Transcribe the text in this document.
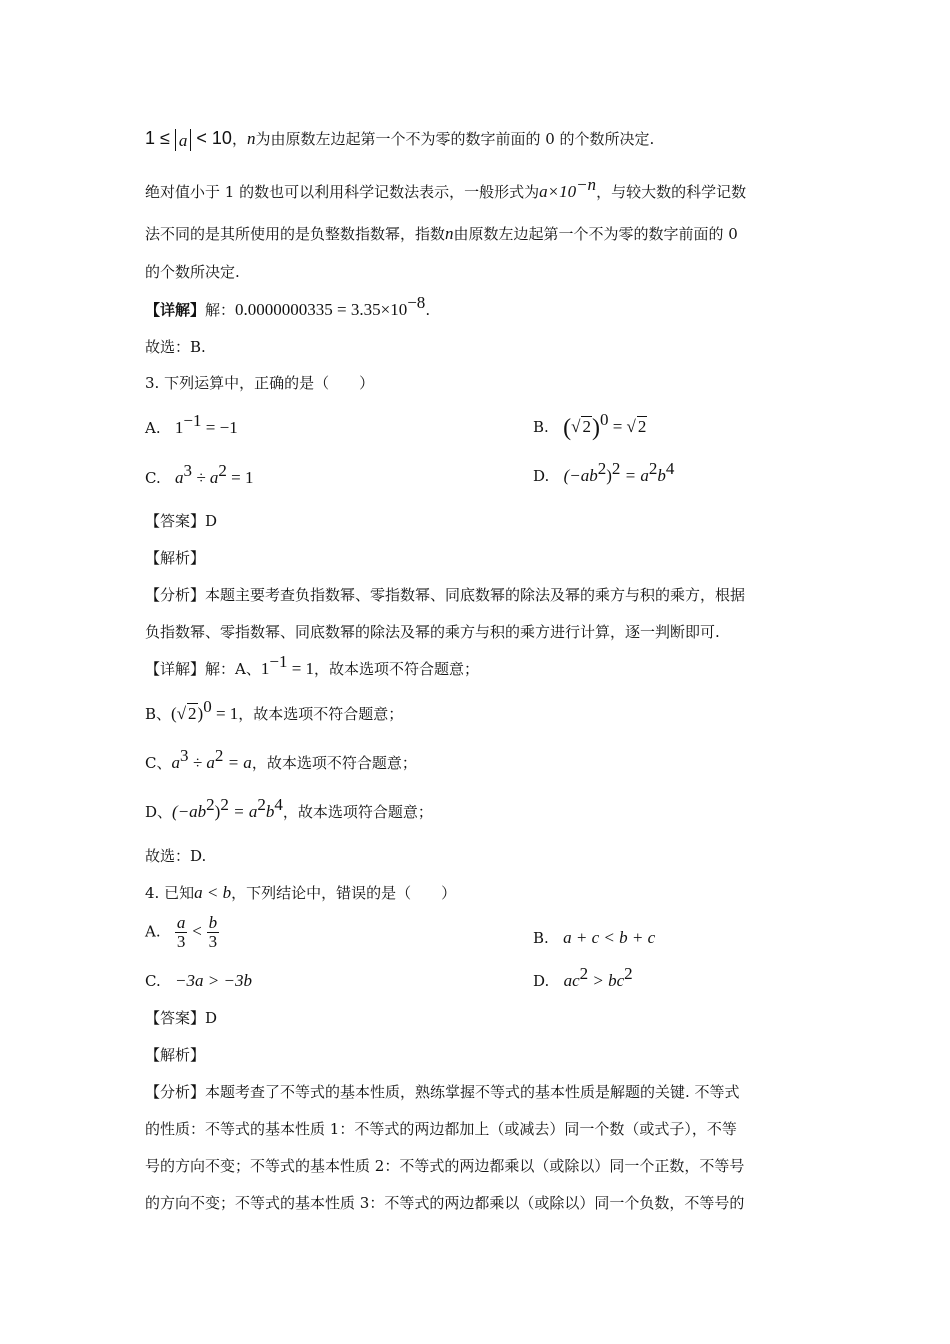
1 ≤ a < 10，n为由原数左边起第一个不为零的数字前面的 0 的个数所决定.
绝对值小于 1 的数也可以利用科学记数法表示，一般形式为$a\times 10^{-n}$，与较大数的科学记数
法不同的是其所使用的是负整数指数幂，指数n由原数左边起第一个不为零的数字前面的 0
的个数所决定.
【详解】解：$0.0000000335 = 3.35\times 10^{-8}$.
故选：B.
3. 下列运算中，正确的是（　　）
A. $1^{-1} = -1$	B. (√ 2)$^0$ = √ 2
C. $a^3 \div a^2 = 1$	D. $(-ab^2)^2 = a^2b^4$
【答案】D
【解析】
【分析】本题主要考查负指数幂、零指数幂、同底数幂的除法及幂的乘方与积的乘方，根据
负指数幂、零指数幂、同底数幂的除法及幂的乘方与积的乘方进行计算，逐一判断即可.
【详解】解：A、$1^{-1} = 1$，故本选项不符合题意；
B、(√ 2)$^0$ = 1，故本选项不符合题意；
C、$a^3 \div a^2 = a$，故本选项不符合题意；
D、$(-ab^2)^2 = a^2b^4$，故本选项符合题意；
故选：D.
4. 已知a < b，下列结论中，错误的是（　　）
A. $\frac{a}{3} < \frac{b}{3}$	B. a + c < b + c
C. −3a > −3b	D. $ac^2 > bc^2$
【答案】D
【解析】
【分析】本题考查了不等式的基本性质，熟练掌握不等式的基本性质是解题的关键. 不等式
的性质：不等式的基本性质 1：不等式的两边都加上（或减去）同一个数（或式子），不等
号的方向不变；不等式的基本性质 2：不等式的两边都乘以（或除以）同一个正数，不等号
的方向不变；不等式的基本性质 3：不等式的两边都乘以（或除以）同一个负数，不等号的
